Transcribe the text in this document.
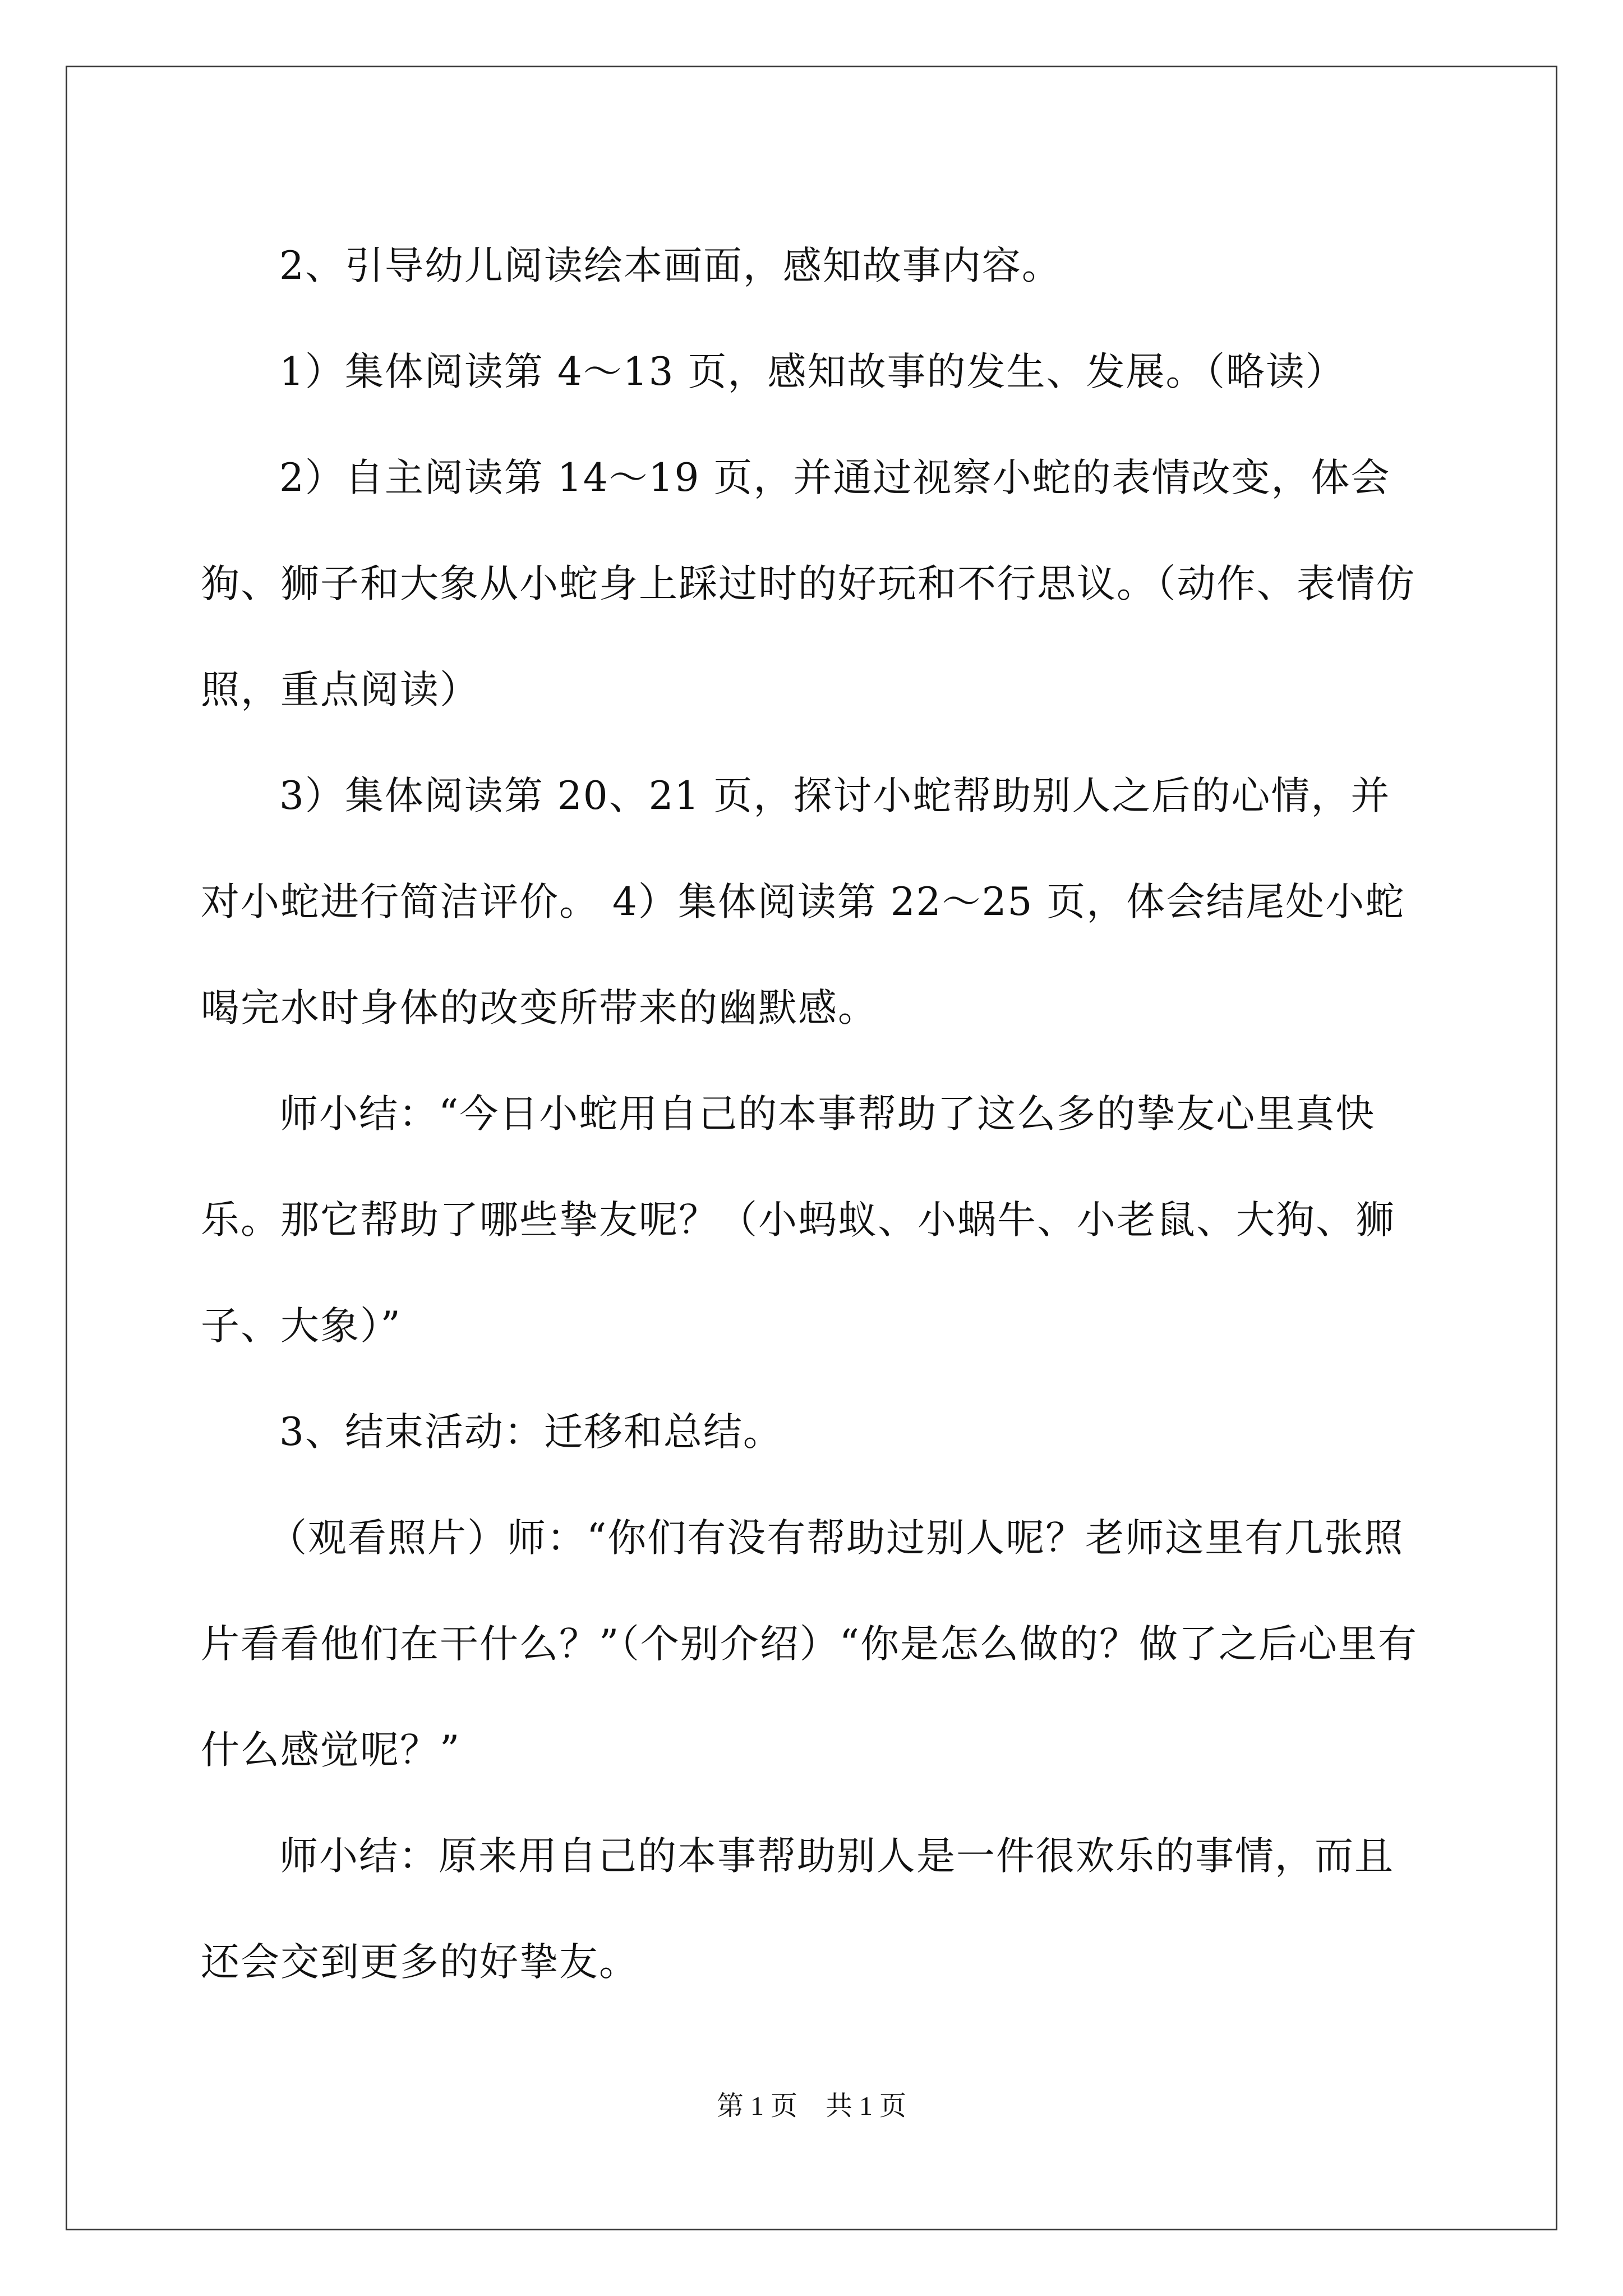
2、引导幼儿阅读绘本画面，感知故事内容。

1）集体阅读第 4～13 页，感知故事的发生、发展。（略读）

2）自主阅读第 14～19 页，并通过视察小蛇的表情改变，体会狗、狮子和大象从小蛇身上踩过时的好玩和不行思议。（动作、表情仿照，重点阅读）

3）集体阅读第 20、21 页，探讨小蛇帮助别人之后的心情，并对小蛇进行简洁评价。 4）集体阅读第 22～25 页，体会结尾处小蛇喝完水时身体的改变所带来的幽默感。

师小结：“今日小蛇用自己的本事帮助了这么多的挚友心里真快乐。那它帮助了哪些挚友呢？（小蚂蚁、小蜗牛、小老鼠、大狗、狮子、大象）”

3、结束活动：迁移和总结。

（观看照片）师：“你们有没有帮助过别人呢？老师这里有几张照片看看他们在干什么？”（个别介绍）“你是怎么做的？做了之后心里有什么感觉呢？”

师小结：原来用自己的本事帮助别人是一件很欢乐的事情，而且还会交到更多的好挚友。

第 1 页 共 1 页
